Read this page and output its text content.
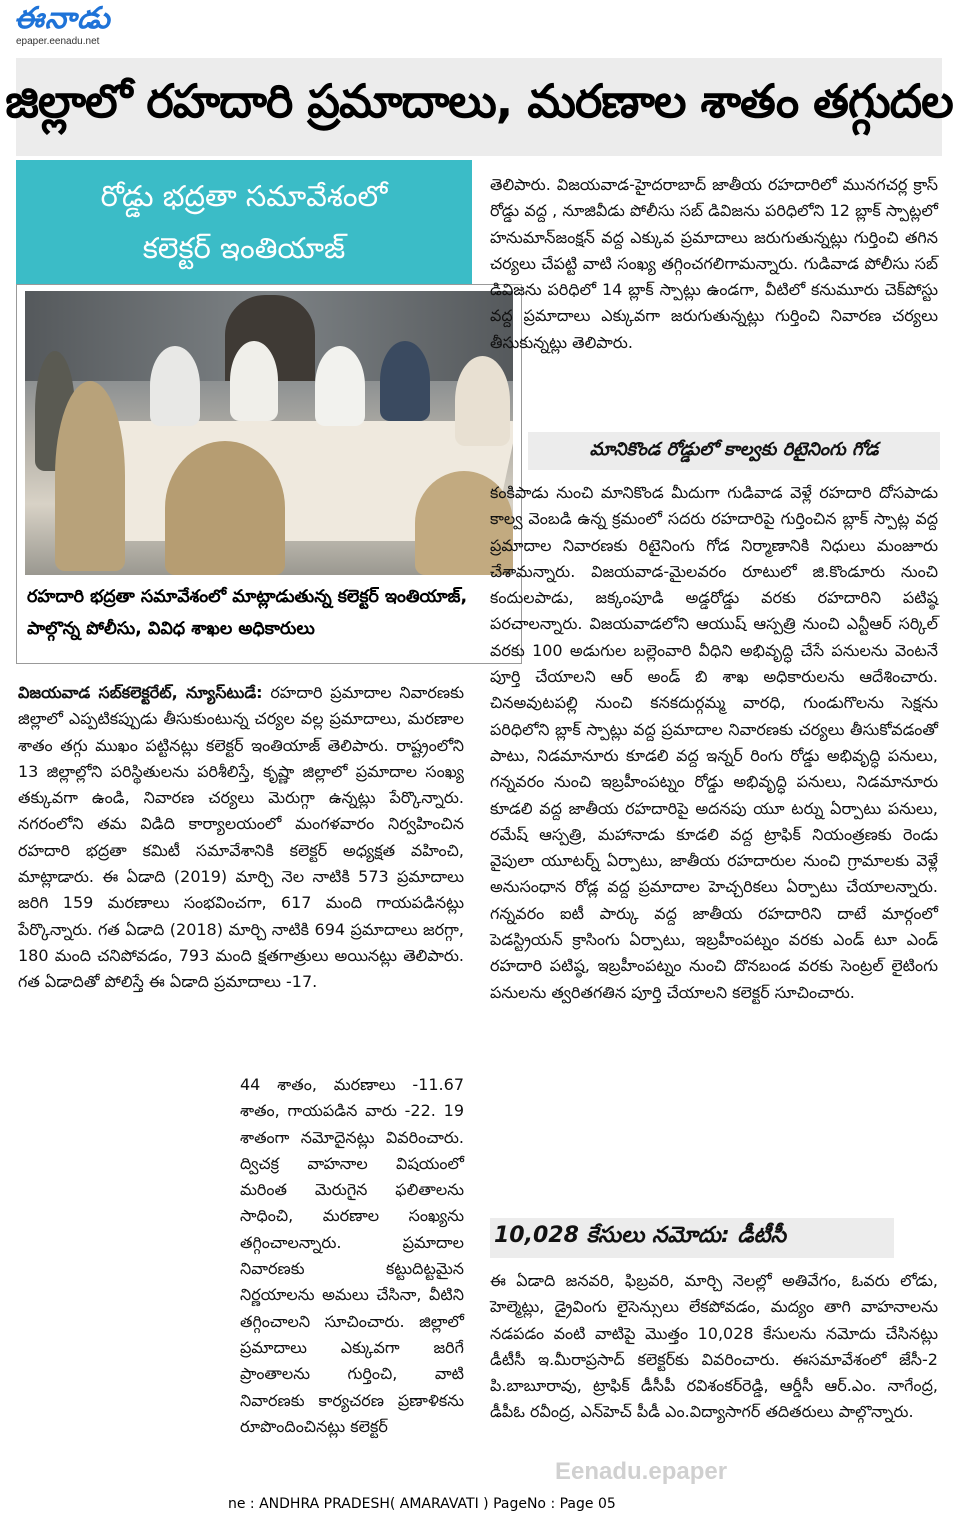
ఈనాడు
epaper.eenadu.net
జిల్లాలో రహదారి ప్రమాదాలు, మరణాల శాతం తగ్గుదల
రోడ్డు భద్రతా సమావేశంలో
కలెక్టర్ ఇంతియాజ్
రహదారి భద్రతా సమావేశంలో మాట్లాడుతున్న కలెక్టర్ ఇంతియాజ్, పాల్గొన్న పోలీసు, వివిధ శాఖల అధికారులు
తెలిపారు. విజయవాడ-హైదరాబాద్ జాతీయ రహదారిలో మునగచర్ల క్రాస్ రోడ్డు వద్ద , నూజివీడు పోలీసు సబ్ డివిజను పరిధిలోని 12 బ్లాక్ స్పాట్లలో హనుమాన్‌జంక్షన్ వద్ద ఎక్కువ ప్రమాదాలు జరుగుతున్నట్లు గుర్తించి తగిన చర్యలు చేపట్టి వాటి సంఖ్య తగ్గించగలిగామన్నారు. గుడివాడ పోలీసు సబ్ డివిజను పరిధిలో 14 బ్లాక్ స్పాట్లు ఉండగా, వీటిలో కనుమూరు చెక్‌పోస్టు వద్ద ప్రమాదాలు ఎక్కువగా జరుగుతున్నట్లు గుర్తించి నివారణ చర్యలు తీసుకున్నట్లు తెలిపారు.
మానికొండ రోడ్డులో కాల్వకు రిటైనింగు గోడ
కంకిపాడు నుంచి మానికొండ మీదుగా గుడివాడ వెళ్లే రహదారి దోసపాడు కాల్వ వెంబడి ఉన్న క్రమంలో సదరు రహదారిపై గుర్తించిన బ్లాక్ స్పాట్ల వద్ద ప్రమాదాల నివారణకు రిటైనింగు గోడ నిర్మాణానికి నిధులు మంజూరు చేశామన్నారు. విజయవాడ-మైలవరం రూటులో జి.కొండూరు నుంచి కందులపాడు, జక్కంపూడి అడ్డరోడ్డు వరకు రహదారిని పటిష్ఠ పరచాలన్నారు. విజయవాడలోని ఆయుష్ ఆస్పత్రి నుంచి ఎన్టీఆర్ సర్కిల్ వరకు 100 అడుగుల బల్లెంవారి వీధిని అభివృద్ధి చేసే పనులను వెంటనే పూర్తి చేయాలని ఆర్ అండ్ బి శాఖ అధికారులను ఆదేశించారు. చినఅవుటపల్లి నుంచి కనకదుర్గమ్మ వారధి, గుండుగొలను సెక్షను పరిధిలోని బ్లాక్ స్పాట్లు వద్ద ప్రమాదాల నివారణకు చర్యలు తీసుకోవడంతో పాటు, నిడమానూరు కూడలి వద్ద ఇన్నర్ రింగు రోడ్డు అభివృద్ధి పనులు, గన్నవరం నుంచి ఇబ్రహీంపట్నం రోడ్డు అభివృద్ధి పనులు, నిడమానూరు కూడలి వద్ద జాతీయ రహదారిపై అదనపు యూ టర్ను ఏర్పాటు పనులు, రమేష్ ఆస్పత్రి, మహానాడు కూడలి వద్ద ట్రాఫిక్ నియంత్రణకు రెండు వైపులా యూటర్న్ ఏర్పాటు, జాతీయ రహదారుల నుంచి గ్రామాలకు వెళ్లే అనుసంధాన రోడ్ల వద్ద ప్రమాదాల హెచ్చరికలు ఏర్పాటు చేయాలన్నారు. గన్నవరం ఐటీ పార్కు వద్ద జాతీయ రహదారిని దాటే మార్గంలో పెడస్ట్రియన్ క్రాసింగు ఏర్పాటు, ఇబ్రహీంపట్నం వరకు ఎండ్ టూ ఎండ్ రహదారి పటిష్ఠ, ఇబ్రహీంపట్నం నుంచి దొనబండ వరకు సెంట్రల్ లైటింగు పనులను త్వరితగతిన పూర్తి చేయాలని కలెక్టర్ సూచించారు.
10,028 కేసులు నమోదు: డీటీసీ
ఈ ఏడాది జనవరి, ఫిబ్రవరి, మార్చి నెలల్లో అతివేగం, ఓవరు లోడు, హెల్మెట్లు, డ్రైవింగు లైసెన్సులు లేకపోవడం, మద్యం తాగి వాహనాలను నడపడం వంటి వాటిపై మొత్తం 10,028 కేసులను నమోదు చేసినట్లు డీటీసీ ఇ.మీరాప్రసాద్ కలెక్టర్‌కు వివరించారు. ఈసమావేశంలో జేసీ-2 పి.బాబూరావు, ట్రాఫిక్ డీసీపీ రవిశంకర్‌రెడ్డి, ఆర్డీసీ ఆర్.ఎం. నాగేంద్ర, డీపీఓ రవీంద్ర, ఎన్‌హెచ్ పీడీ ఎం.విద్యాసాగర్ తదితరులు పాల్గొన్నారు.
విజయవాడ సబ్‌కలెక్టరేట్, న్యూస్‌టుడే: రహదారి ప్రమాదాల నివారణకు జిల్లాలో ఎప్పటికప్పుడు తీసుకుంటున్న చర్యల వల్ల ప్రమాదాలు, మరణాల శాతం తగ్గు ముఖం పట్టినట్లు కలెక్టర్ ఇంతియాజ్ తెలిపారు. రాష్ట్రంలోని 13 జిల్లాల్లోని పరిస్థితులను పరిశీలిస్తే, కృష్ణా జిల్లాలో ప్రమాదాల సంఖ్య తక్కువగా ఉండి, నివారణ చర్యలు మెరుగ్గా ఉన్నట్లు పేర్కొన్నారు. నగరంలోని తమ విడిది కార్యాలయంలో మంగళవారం నిర్వహించిన రహదారి భద్రతా కమిటీ సమావేశానికి కలెక్టర్ అధ్యక్షత వహించి, మాట్లాడారు. ఈ ఏడాది (2019) మార్చి నెల నాటికి 573 ప్రమాదాలు జరిగి 159 మరణాలు సంభవించగా, 617 మంది గాయపడినట్లు పేర్కొన్నారు. గత ఏడాది (2018) మార్చి నాటికి 694 ప్రమాదాలు జరగ్గా, 180 మంది చనిపోవడం, 793 మంది క్షతగాత్రులు అయినట్లు తెలిపారు. గత ఏడాదితో పోలిస్తే ఈ ఏడాది ప్రమాదాలు -17.
44 శాతం, మరణాలు -11.67 శాతం, గాయపడిన వారు -22. 19 శాతంగా నమోదైనట్లు వివరించారు. ద్విచక్ర వాహనాల విషయంలో మరింత మెరుగైన ఫలితాలను సాధించి, మరణాల సంఖ్యను తగ్గించాలన్నారు. ప్రమాదాల నివారణకు కట్టుదిట్టమైన నిర్ణయాలను అమలు చేసినా, వీటిని తగ్గించాలని సూచించారు. జిల్లాలో ప్రమాదాలు ఎక్కువగా జరిగే ప్రాంతాలను గుర్తించి, వాటి నివారణకు కార్యచరణ ప్రణాళికను రూపొందించినట్లు కలెక్టర్
Eenadu.epaper
ne : ANDHRA PRADESH( AMARAVATI ) PageNo : Page 05
